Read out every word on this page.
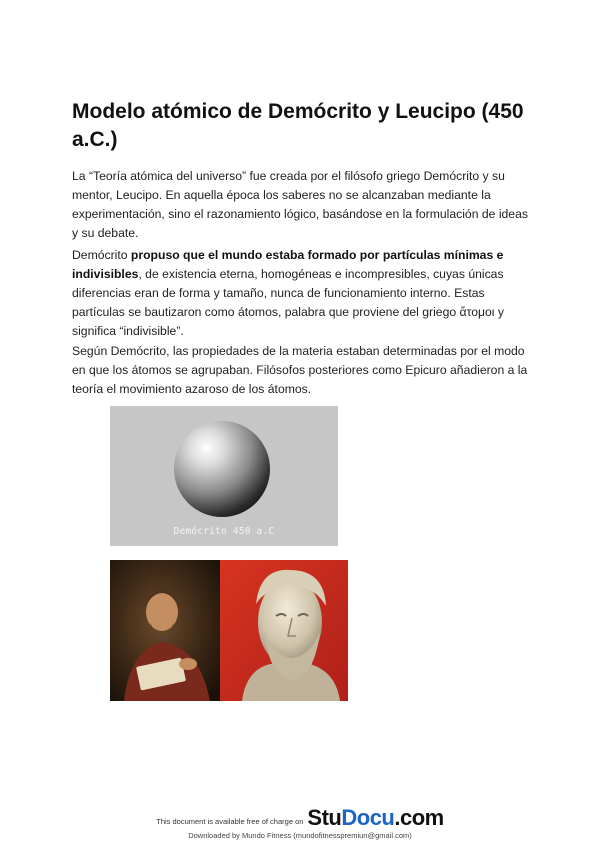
Modelo atómico de Demócrito y Leucipo (450 a.C.)

La “Teoría atómica del universo” fue creada por el filósofo griego Demócrito y su mentor, Leucipo. En aquella época los saberes no se alcanzaban mediante la experimentación, sino el razonamiento lógico, basándose en la formulación de ideas y su debate.

Demócrito propuso que el mundo estaba formado por partículas mínimas e indivisibles, de existencia eterna, homogéneas e incompresibles, cuyas únicas diferencias eran de forma y tamaño, nunca de funcionamiento interno. Estas partículas se bautizaron como átomos, palabra que proviene del griego ἄτομοι y significa “indivisible”.

Según Demócrito, las propiedades de la materia estaban determinadas por el modo en que los átomos se agrupaban. Filósofos posteriores como Epicuro añadieron a la teoría el movimiento azaroso de los átomos.

Demócrito 450 a.C
This document is available free of charge on StuDocu.com
Downloaded by Mundo Fitness (mundofitnesspremiun@gmail.com)
